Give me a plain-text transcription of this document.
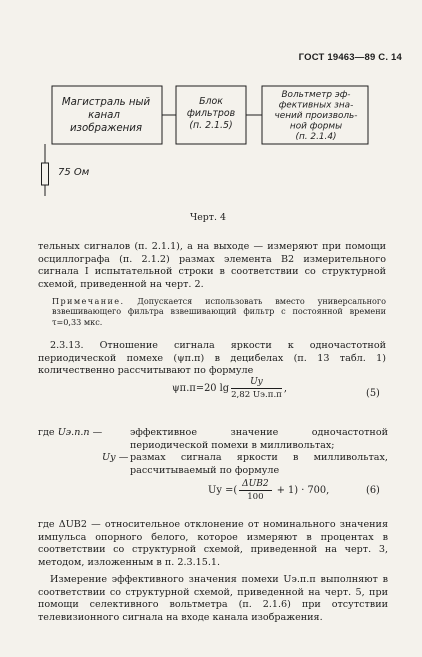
ГОСТ 19463—89 С. 14
Магистраль ный
канал
изображения
Блок
фильтров
(п. 2.1.5)
Вольтметр эф-
фективных зна-
чений произволь-
ной формы
(п. 2.1.4)
75 Ом
Черт. 4
тельных сигналов (п. 2.1.1), а на выходе — измеряют при помощи осциллографа (п. 2.1.2) размах элемента B2 измерительного сигнала I испытательной строки в соответствии со структурной схемой, приведенной на черт. 2.
Примечание. Допускается использовать вместо универсального взвешивающего фильтра взвешивающий фильтр с постоянной времени τ=0,33 мкс.
2.3.13. Отношение сигнала яркости к одночастотной периодической помехе (ψп.п) в децибелах (п. 13 табл. 1) количественно рассчитывают по формуле
ψп.п=20 $\lg \frac{Uу}{2,82 Uэ.п.п}$ ,	(5)
где Uэ.п.п —	эффективное значение одночастотной периодической помехи в милливольтах;
Uу — размах сигнала яркости в милливольтах, рассчитываемый по формуле
Uу =( $\frac{\text{ΔUB2}}{100} + 1) \cdot 700$,	(6)
где ΔUB2 — относительное отклонение от номинального значения импульса опорного белого, которое измеряют в процентах в соответствии со структурной схемой, приведенной на черт. 3, методом, изложенным в п. 2.3.15.1.
Измерение эффективного значения помехи Uэ.п.п выполняют в соответствии со структурной схемой, приведенной на черт. 5, при помощи селективного вольтметра (п. 2.1.6) при отсутствии телевизионного сигнала на входе канала изображения.
